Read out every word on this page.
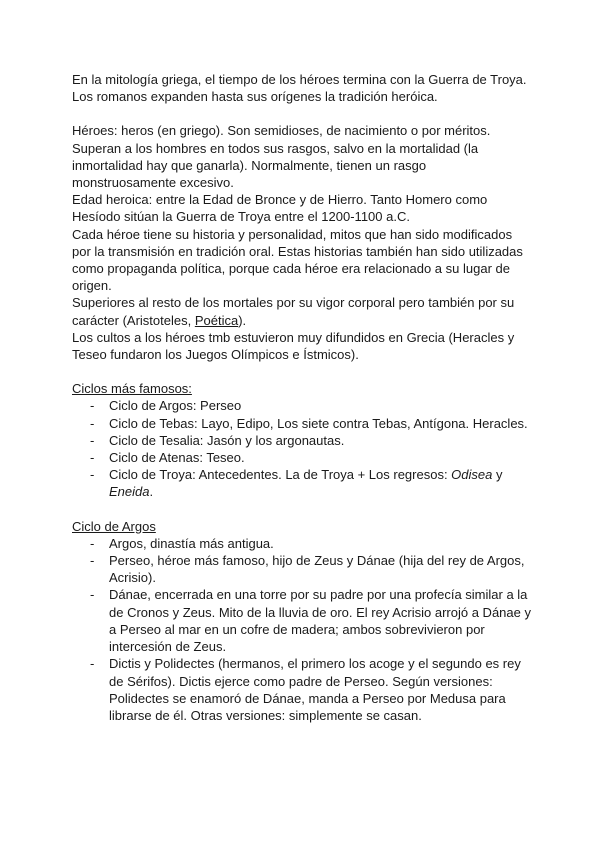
En la mitología griega, el tiempo de los héroes termina con la Guerra de Troya. Los romanos expanden hasta sus orígenes la tradición heróica.

Héroes: heros (en griego). Son semidioses, de nacimiento o por méritos. Superan a los hombres en todos sus rasgos, salvo en la mortalidad (la inmortalidad hay que ganarla). Normalmente, tienen un rasgo monstruosamente excesivo.

Edad heroica: entre la Edad de Bronce y de Hierro. Tanto Homero como Hesíodo sitúan la Guerra de Troya entre el 1200-1100 a.C.

Cada héroe tiene su historia y personalidad, mitos que han sido modificados por la transmisión en tradición oral. Estas historias también han sido utilizadas como propaganda política, porque cada héroe era relacionado a su lugar de origen.

Superiores al resto de los mortales por su vigor corporal pero también por su carácter (Aristoteles, Poética).

Los cultos a los héroes tmb estuvieron muy difundidos en Grecia (Heracles y Teseo fundaron los Juegos Olímpicos e Ístmicos).

Ciclos más famosos:

- Ciclo de Argos: Perseo
- Ciclo de Tebas: Layo, Edipo, Los siete contra Tebas, Antígona. Heracles.
- Ciclo de Tesalia: Jasón y los argonautas.
- Ciclo de Atenas: Teseo.
- Ciclo de Troya: Antecedentes. La de Troya + Los regresos: Odisea y Eneida.

Ciclo de Argos

- Argos, dinastía más antigua.
- Perseo, héroe más famoso, hijo de Zeus y Dánae (hija del rey de Argos, Acrisio).
- Dánae, encerrada en una torre por su padre por una profecía similar a la de Cronos y Zeus. Mito de la lluvia de oro. El rey Acrisio arrojó a Dánae y a Perseo al mar en un cofre de madera; ambos sobrevivieron por intercesión de Zeus.
- Dictis y Polidectes (hermanos, el primero los acoge y el segundo es rey de Sérifos). Dictis ejerce como padre de Perseo. Según versiones: Polidectes se enamoró de Dánae, manda a Perseo por Medusa para librarse de él. Otras versiones: simplemente se casan.
